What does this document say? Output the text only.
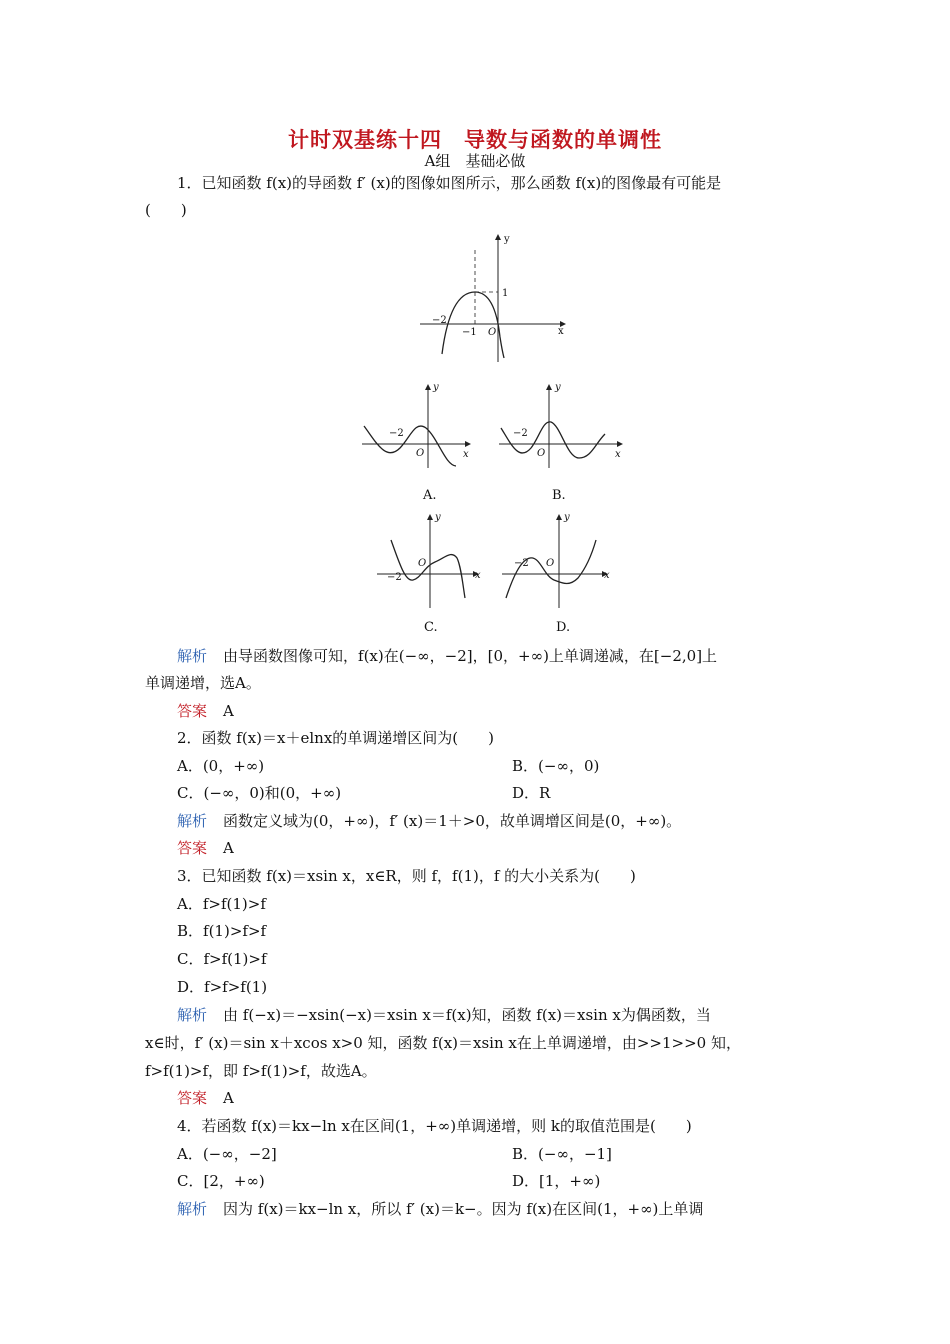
计时双基练十四　导数与函数的单调性
A组　基础必做
1．已知函数 f(x)的导函数 f′ (x)的图像如图所示，那么函数 f(x)的图像最有可能是
(　　)
x
y
1
−2
−1 O
x
y
−2
O
A.
x
y
−2
O
B.
x
y
−2
O
C.
x
y
−2 O
D.
解析 由导函数图像可知，f(x)在(−∞，−2]，[0，+∞)上单调递减，在[−2,0]上
单调递增，选A。
答案 A
2．函数 f(x)＝x＋elnx的单调递增区间为(　　)
A．(0，+∞)	B．(−∞，0)
C．(−∞，0)和(0，+∞)	D．R
解析 函数定义域为(0，+∞)，f′ (x)＝1＋>0，故单调增区间是(0，+∞)。
答案 A
3．已知函数 f(x)＝xsin x，x∈R，则 f，f(1)，f 的大小关系为(　　)
A．f>f(1)>f
B．f(1)>f>f
C．f>f(1)>f
D．f>f>f(1)
解析 由 f(−x)＝−xsin(−x)＝xsin x＝f(x)知，函数 f(x)＝xsin x为偶函数，当
x∈时，f′ (x)＝sin x＋xcos x>0 知，函数 f(x)＝xsin x在上单调递增，由>>1>>0 知，
f>f(1)>f，即 f>f(1)>f，故选A。
答案 A
4．若函数 f(x)＝kx−ln x在区间(1，+∞)单调递增，则 k的取值范围是(　　)
A．(−∞，−2]	B．(−∞，−1]
C．[2，+∞)	D．[1，+∞)
解析 因为 f(x)＝kx−ln x，所以 f′ (x)＝k−。因为 f(x)在区间(1，+∞)上单调
